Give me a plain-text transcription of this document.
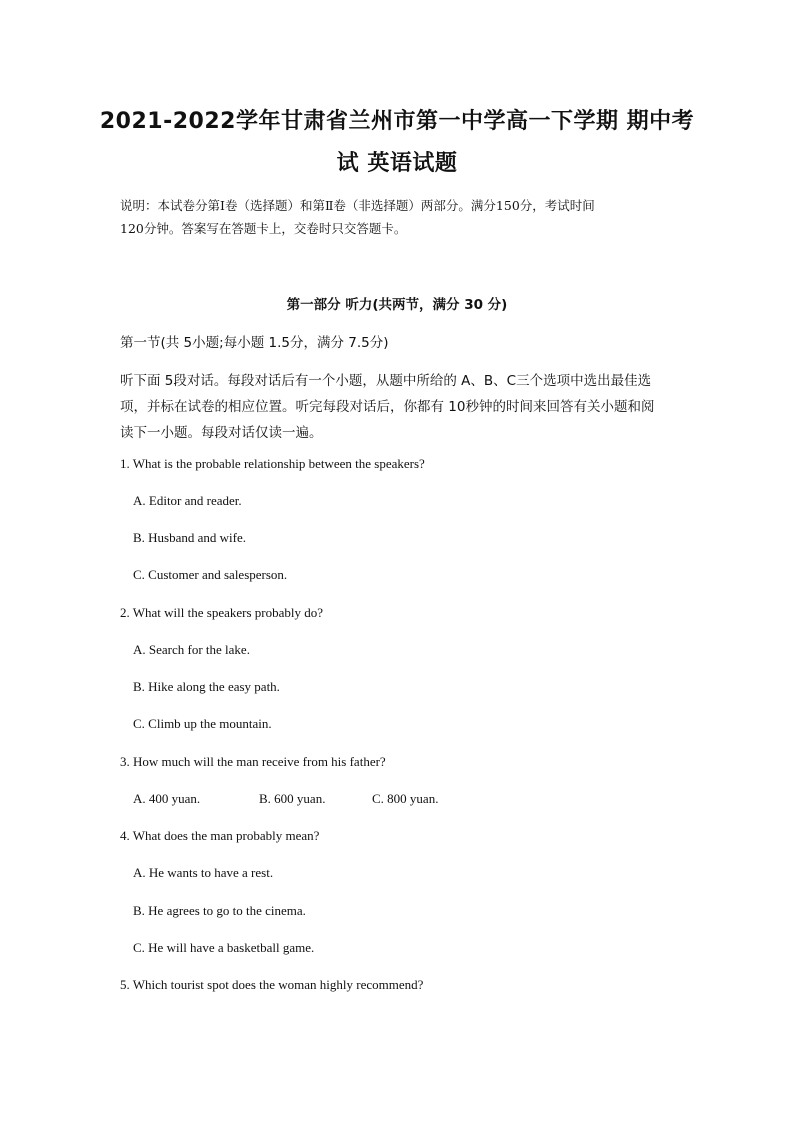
2021-2022学年甘肃省兰州市第一中学高一下学期 期中考
试 英语试题
说明：本试卷分第Ⅰ卷（选择题）和第Ⅱ卷（非选择题）两部分。满分150分，考试时间
120分钟。答案写在答题卡上，交卷时只交答题卡。
第一部分 听力(共两节，满分 30 分)
第一节(共 5小题;每小题 1.5分，满分 7.5分)
听下面 5段对话。每段对话后有一个小题，从题中所给的 A、B、C三个选项中选出最佳选
项，并标在试卷的相应位置。听完每段对话后，你都有 10秒钟的时间来回答有关小题和阅
读下一小题。每段对话仅读一遍。
1. What is the probable relationship between the speakers?
A. Editor and reader.
B. Husband and wife.
C. Customer and salesperson.
2. What will the speakers probably do?
A. Search for the lake.
B. Hike along the easy path.
C. Climb up the mountain.
3. How much will the man receive from his father?
A. 400 yuan.	B. 600 yuan.	C. 800 yuan.
4. What does the man probably mean?
A. He wants to have a rest.
B. He agrees to go to the cinema.
C. He will have a basketball game.
5. Which tourist spot does the woman highly recommend?
